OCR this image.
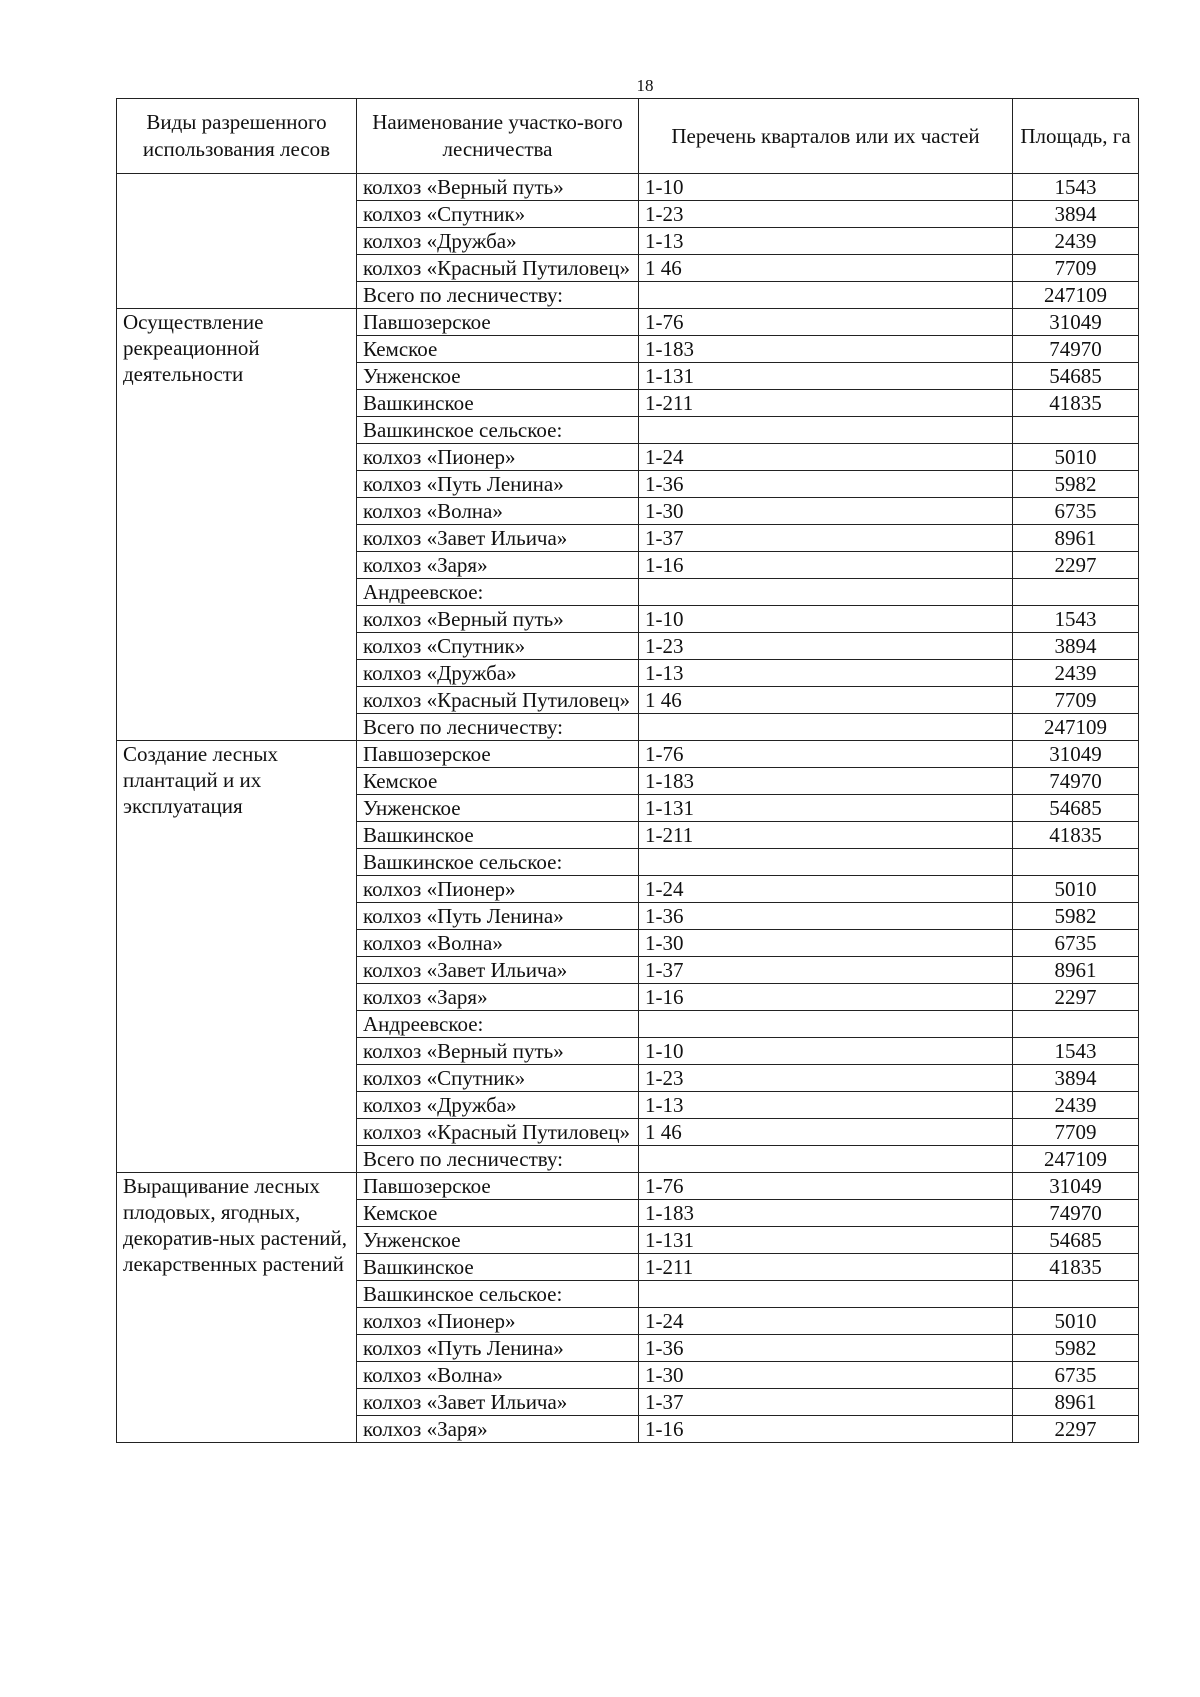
18
Виды разрешенного использования лесов	Наименование участко-вого лесничества	Перечень кварталов или их частей	Площадь, га
	колхоз «Верный путь»	1-10	1543
	колхоз «Спутник»	1-23	3894
	колхоз «Дружба»	1-13	2439
	колхоз «Красный Путиловец»	1 46	7709
	Всего по лесничеству:		247109
Осуществление рекреационной деятельности	Павшозерское	1-76	31049
	Кемское	1-183	74970
	Унженское	1-131	54685
	Вашкинское	1-211	41835
	Вашкинское сельское:		
	колхоз «Пионер»	1-24	5010
	колхоз «Путь Ленина»	1-36	5982
	колхоз «Волна»	1-30	6735
	колхоз «Завет Ильича»	1-37	8961
	колхоз «Заря»	1-16	2297
	Андреевское:		
	колхоз «Верный путь»	1-10	1543
	колхоз «Спутник»	1-23	3894
	колхоз «Дружба»	1-13	2439
	колхоз «Красный Путиловец»	1 46	7709
	Всего по лесничеству:		247109
Создание лесных плантаций и их эксплуатация	Павшозерское	1-76	31049
	Кемское	1-183	74970
	Унженское	1-131	54685
	Вашкинское	1-211	41835
	Вашкинское сельское:		
	колхоз «Пионер»	1-24	5010
	колхоз «Путь Ленина»	1-36	5982
	колхоз «Волна»	1-30	6735
	колхоз «Завет Ильича»	1-37	8961
	колхоз «Заря»	1-16	2297
	Андреевское:		
	колхоз «Верный путь»	1-10	1543
	колхоз «Спутник»	1-23	3894
	колхоз «Дружба»	1-13	2439
	колхоз «Красный Путиловец»	1 46	7709
	Всего по лесничеству:		247109
Выращивание лесных плодовых, ягодных, декоратив-ных растений, лекарственных растений	Павшозерское	1-76	31049
	Кемское	1-183	74970
	Унженское	1-131	54685
	Вашкинское	1-211	41835
	Вашкинское сельское:		
	колхоз «Пионер»	1-24	5010
	колхоз «Путь Ленина»	1-36	5982
	колхоз «Волна»	1-30	6735
	колхоз «Завет Ильича»	1-37	8961
	колхоз «Заря»	1-16	2297
